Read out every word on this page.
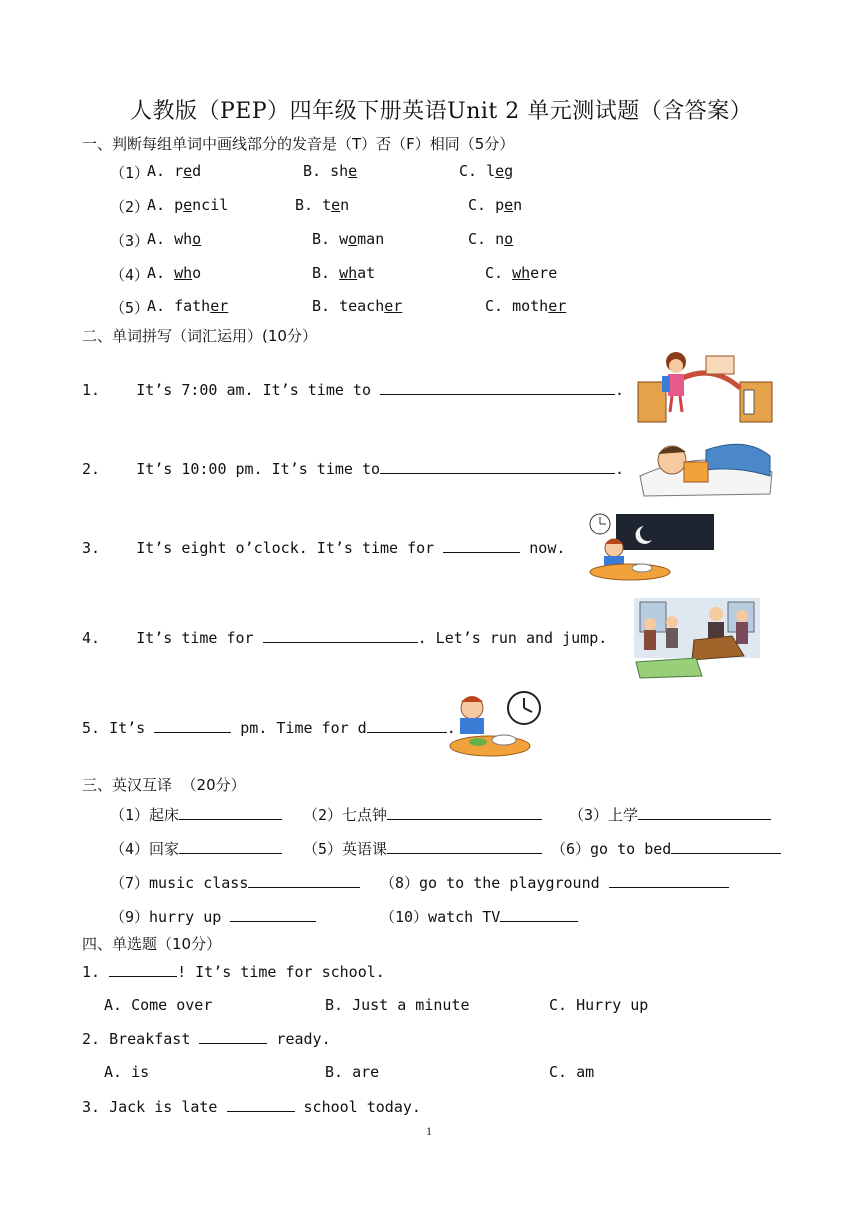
人教版（PEP）四年级下册英语Unit 2 单元测试题（含答案）
一、判断每组单词中画线部分的发音是（T）否（F）相同（5分）
（1）
A. red	B. she	C. leg
（2）
A. pencil	B. ten	C. pen
（3）
A. who	B. woman	C. no
（4）
A. who	B. what	C. where
（5）
A. father	B. teacher	C. mother
二、单词拼写（词汇运用）(10分）
1. It’s 7:00 am. It’s time to	.
2. It’s 10:00 pm. It’s time to	.
3. It’s eight o’clock. It’s time for	now.
4. It’s time for	. Let’s run and jump.
5. It’s	pm. Time for d	.
三、英汉互译  （20分）
（1）起床	（2）七点钟	（3）上学
（4）回家	（5）英语课	（6）go to bed
（7）music class	（8）go to the playground
（9）hurry up	（10）watch TV
四、单选题（10分）
1.	! It’s time for school.
A. Come over	B. Just a minute	C. Hurry up
2. Breakfast	ready.
A. is	B. are	C. am
3. Jack is late	school today.
1
